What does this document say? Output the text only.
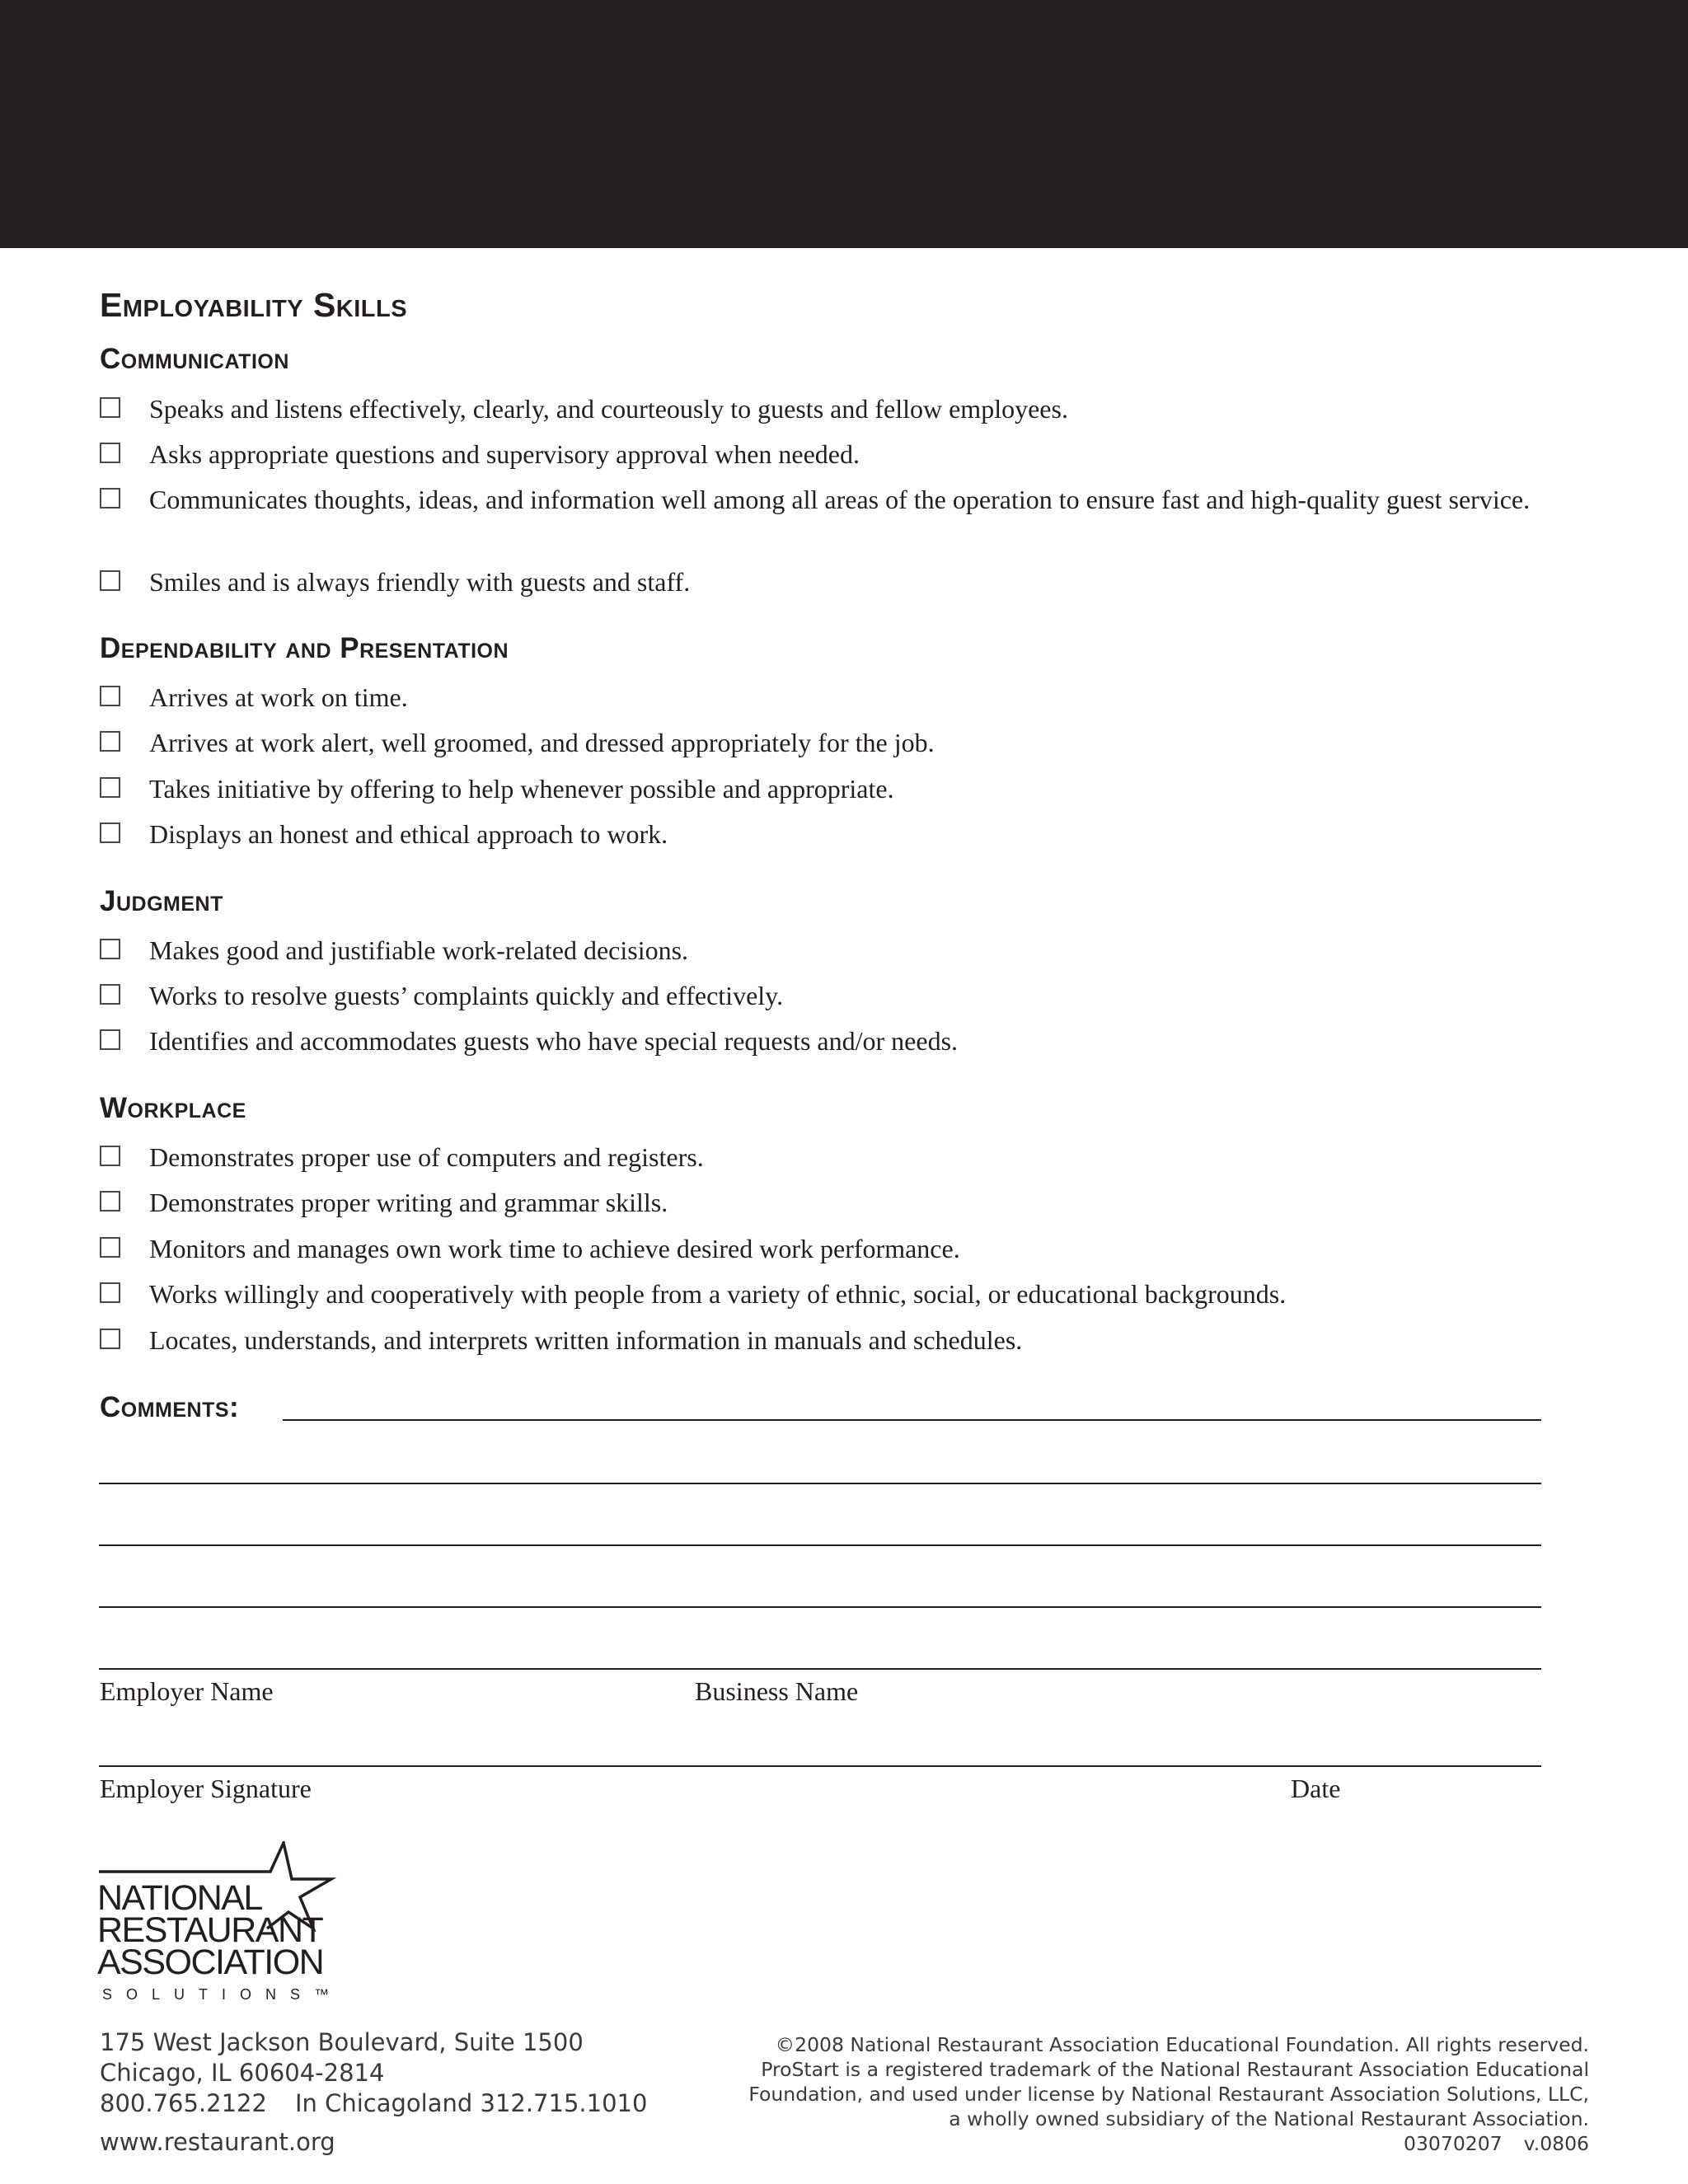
Employability Skills
Communication
Speaks and listens effectively, clearly, and courteously to guests and fellow employees.
Asks appropriate questions and supervisory approval when needed.
Communicates thoughts, ideas, and information well among all areas of the operation to ensure fast and high-quality guest service.
Smiles and is always friendly with guests and staff.
Dependability and Presentation
Arrives at work on time.
Arrives at work alert, well groomed, and dressed appropriately for the job.
Takes initiative by offering to help whenever possible and appropriate.
Displays an honest and ethical approach to work.
Judgment
Makes good and justifiable work-related decisions.
Works to resolve guests’ complaints quickly and effectively.
Identifies and accommodates guests who have special requests and/or needs.
Workplace
Demonstrates proper use of computers and registers.
Demonstrates proper writing and grammar skills.
Monitors and manages own work time to achieve desired work performance.
Works willingly and cooperatively with people from a variety of ethnic, social, or educational backgrounds.
Locates, understands, and interprets written information in manuals and schedules.
Comments:
Employer Name	Business Name
Employer Signature	Date
NATIONAL
RESTAURANT
ASSOCIATION
SOLUTIONS™
175 West Jackson Boulevard, Suite 1500
Chicago, IL 60604-2814
800.765.2122 In Chicagoland 312.715.1010
www.restaurant.org
©2008 National Restaurant Association Educational Foundation. All rights reserved.
ProStart is a registered trademark of the National Restaurant Association Educational
Foundation, and used under license by National Restaurant Association Solutions, LLC,
a wholly owned subsidiary of the National Restaurant Association.
03070207 v.0806
